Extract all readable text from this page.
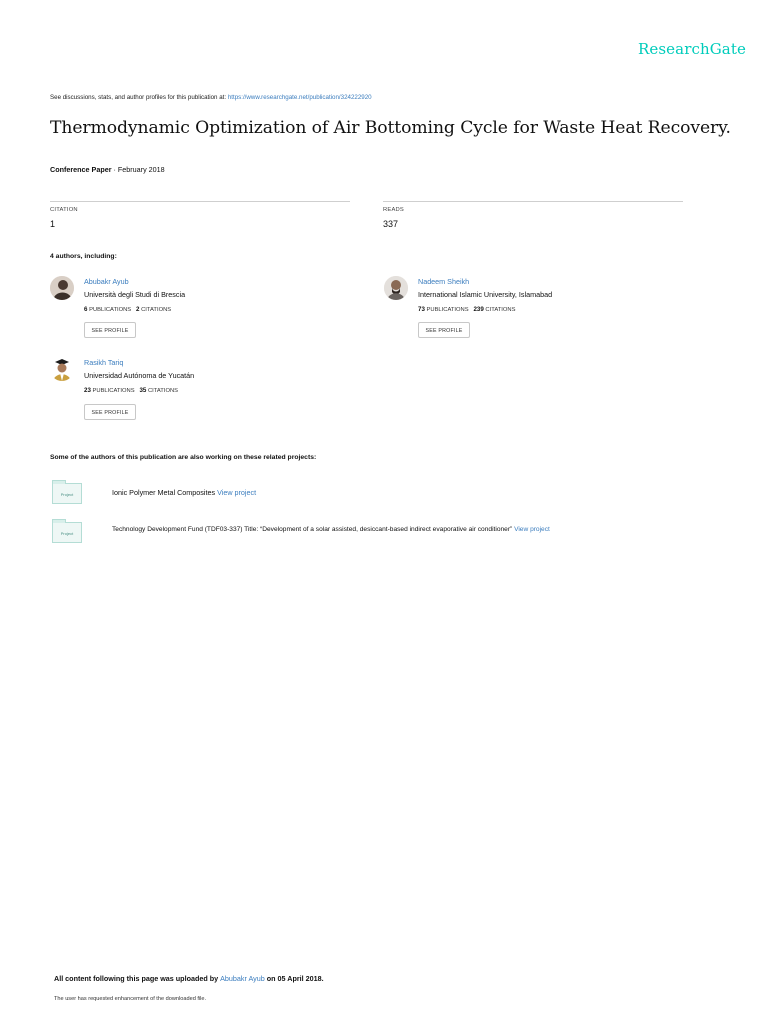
ResearchGate
See discussions, stats, and author profiles for this publication at: https://www.researchgate.net/publication/324222920
Thermodynamic Optimization of Air Bottoming Cycle for Waste Heat Recovery.
Conference Paper · February 2018
CITATION
1
READS
337
4 authors, including:
Abubakr Ayub
Università degli Studi di Brescia
6 PUBLICATIONS 2 CITATIONS
SEE PROFILE
Nadeem Sheikh
International Islamic University, Islamabad
73 PUBLICATIONS 239 CITATIONS
SEE PROFILE
Rasikh Tariq
Universidad Autónoma de Yucatán
23 PUBLICATIONS 35 CITATIONS
SEE PROFILE
Some of the authors of this publication are also working on these related projects:
Project	Ionic Polymer Metal Composites View project
Project
Technology Development Fund (TDF03-337) Title: “Development of a solar assisted, desiccant-based indirect evaporative air conditioner” View project
All content following this page was uploaded by Abubakr Ayub on 05 April 2018.
The user has requested enhancement of the downloaded file.
